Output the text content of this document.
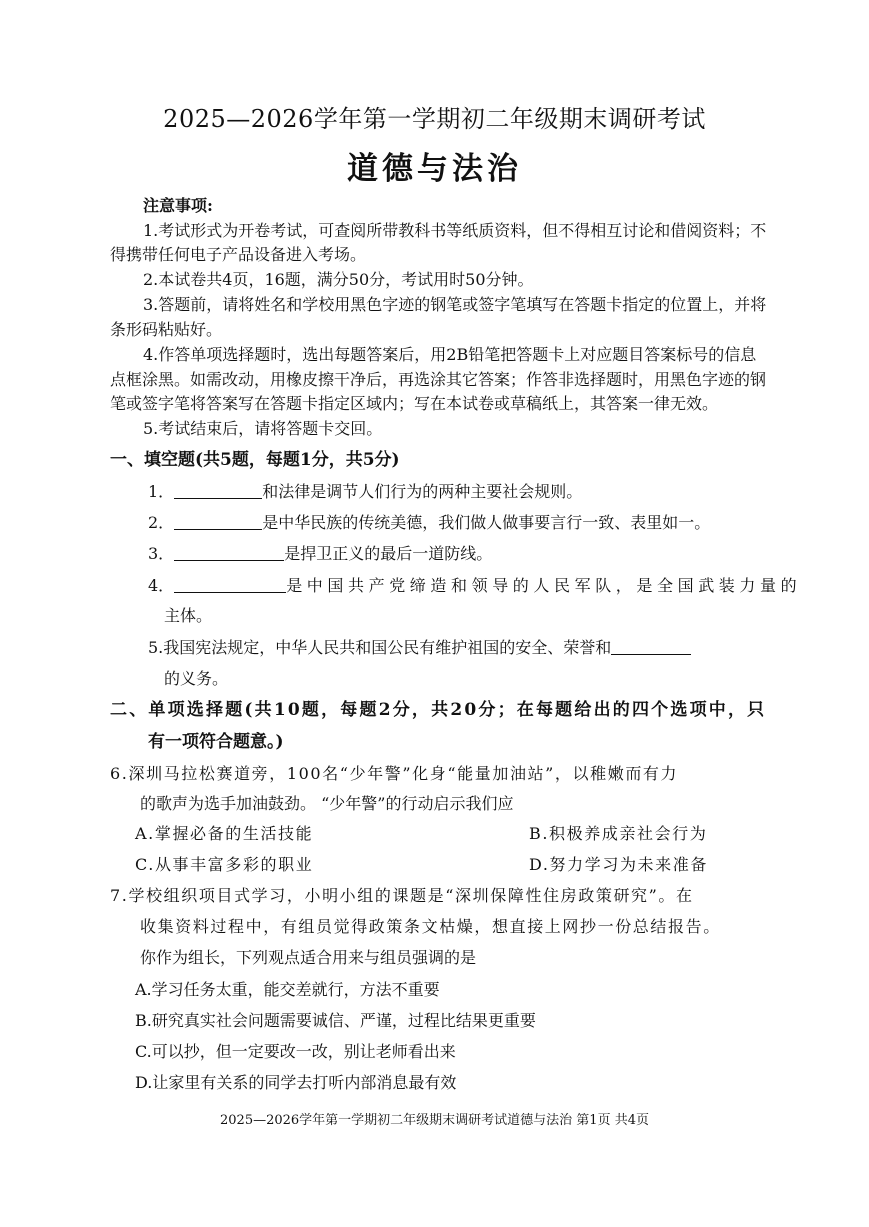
2025—2026学年第一学期初二年级期末调研考试
道德与法治
注意事项:
1.考试形式为开卷考试，可查阅所带教科书等纸质资料，但不得相互讨论和借阅资料；不
得携带任何电子产品设备进入考场。
2.本试卷共4页，16题，满分50分，考试用时50分钟。
3.答题前，请将姓名和学校用黑色字迹的钢笔或签字笔填写在答题卡指定的位置上，并将
条形码粘贴好。
4.作答单项选择题时，选出每题答案后，用2B铅笔把答题卡上对应题目答案标号的信息
点框涂黑。如需改动，用橡皮擦干净后，再选涂其它答案；作答非选择题时，用黑色字迹的钢
笔或签字笔将答案写在答题卡指定区域内；写在本试卷或草稿纸上，其答案一律无效。
5.考试结束后，请将答题卡交回。
一、填空题(共5题，每题1分，共5分)
1．	和法律是调节人们行为的两种主要社会规则。
2．	是中华民族的传统美德，我们做人做事要言行一致、表里如一。
3．	是捍卫正义的最后一道防线。
4．	是中国共产党缔造和领导的人民军队，是全国武装力量的
主体。
5.我国宪法规定，中华人民共和国公民有维护祖国的安全、荣誉和
的义务。
二、单项选择题(共10题，每题2分，共20分；在每题给出的四个选项中，只
有一项符合题意。)
6.深圳马拉松赛道旁，100名“少年警”化身“能量加油站”，以稚嫩而有力
的歌声为选手加油鼓劲。 “少年警”的行动启示我们应
A.掌握必备的生活技能	B.积极养成亲社会行为
C.从事丰富多彩的职业	D.努力学习为未来准备
7.学校组织项目式学习，小明小组的课题是“深圳保障性住房政策研究”。在
收集资料过程中，有组员觉得政策条文枯燥，想直接上网抄一份总结报告。
你作为组长，下列观点适合用来与组员强调的是
A.学习任务太重，能交差就行，方法不重要
B.研究真实社会问题需要诚信、严谨，过程比结果更重要
C.可以抄，但一定要改一改，别让老师看出来
D.让家里有关系的同学去打听内部消息最有效
2025—2026学年第一学期初二年级期末调研考试道德与法治 第1页 共4页
